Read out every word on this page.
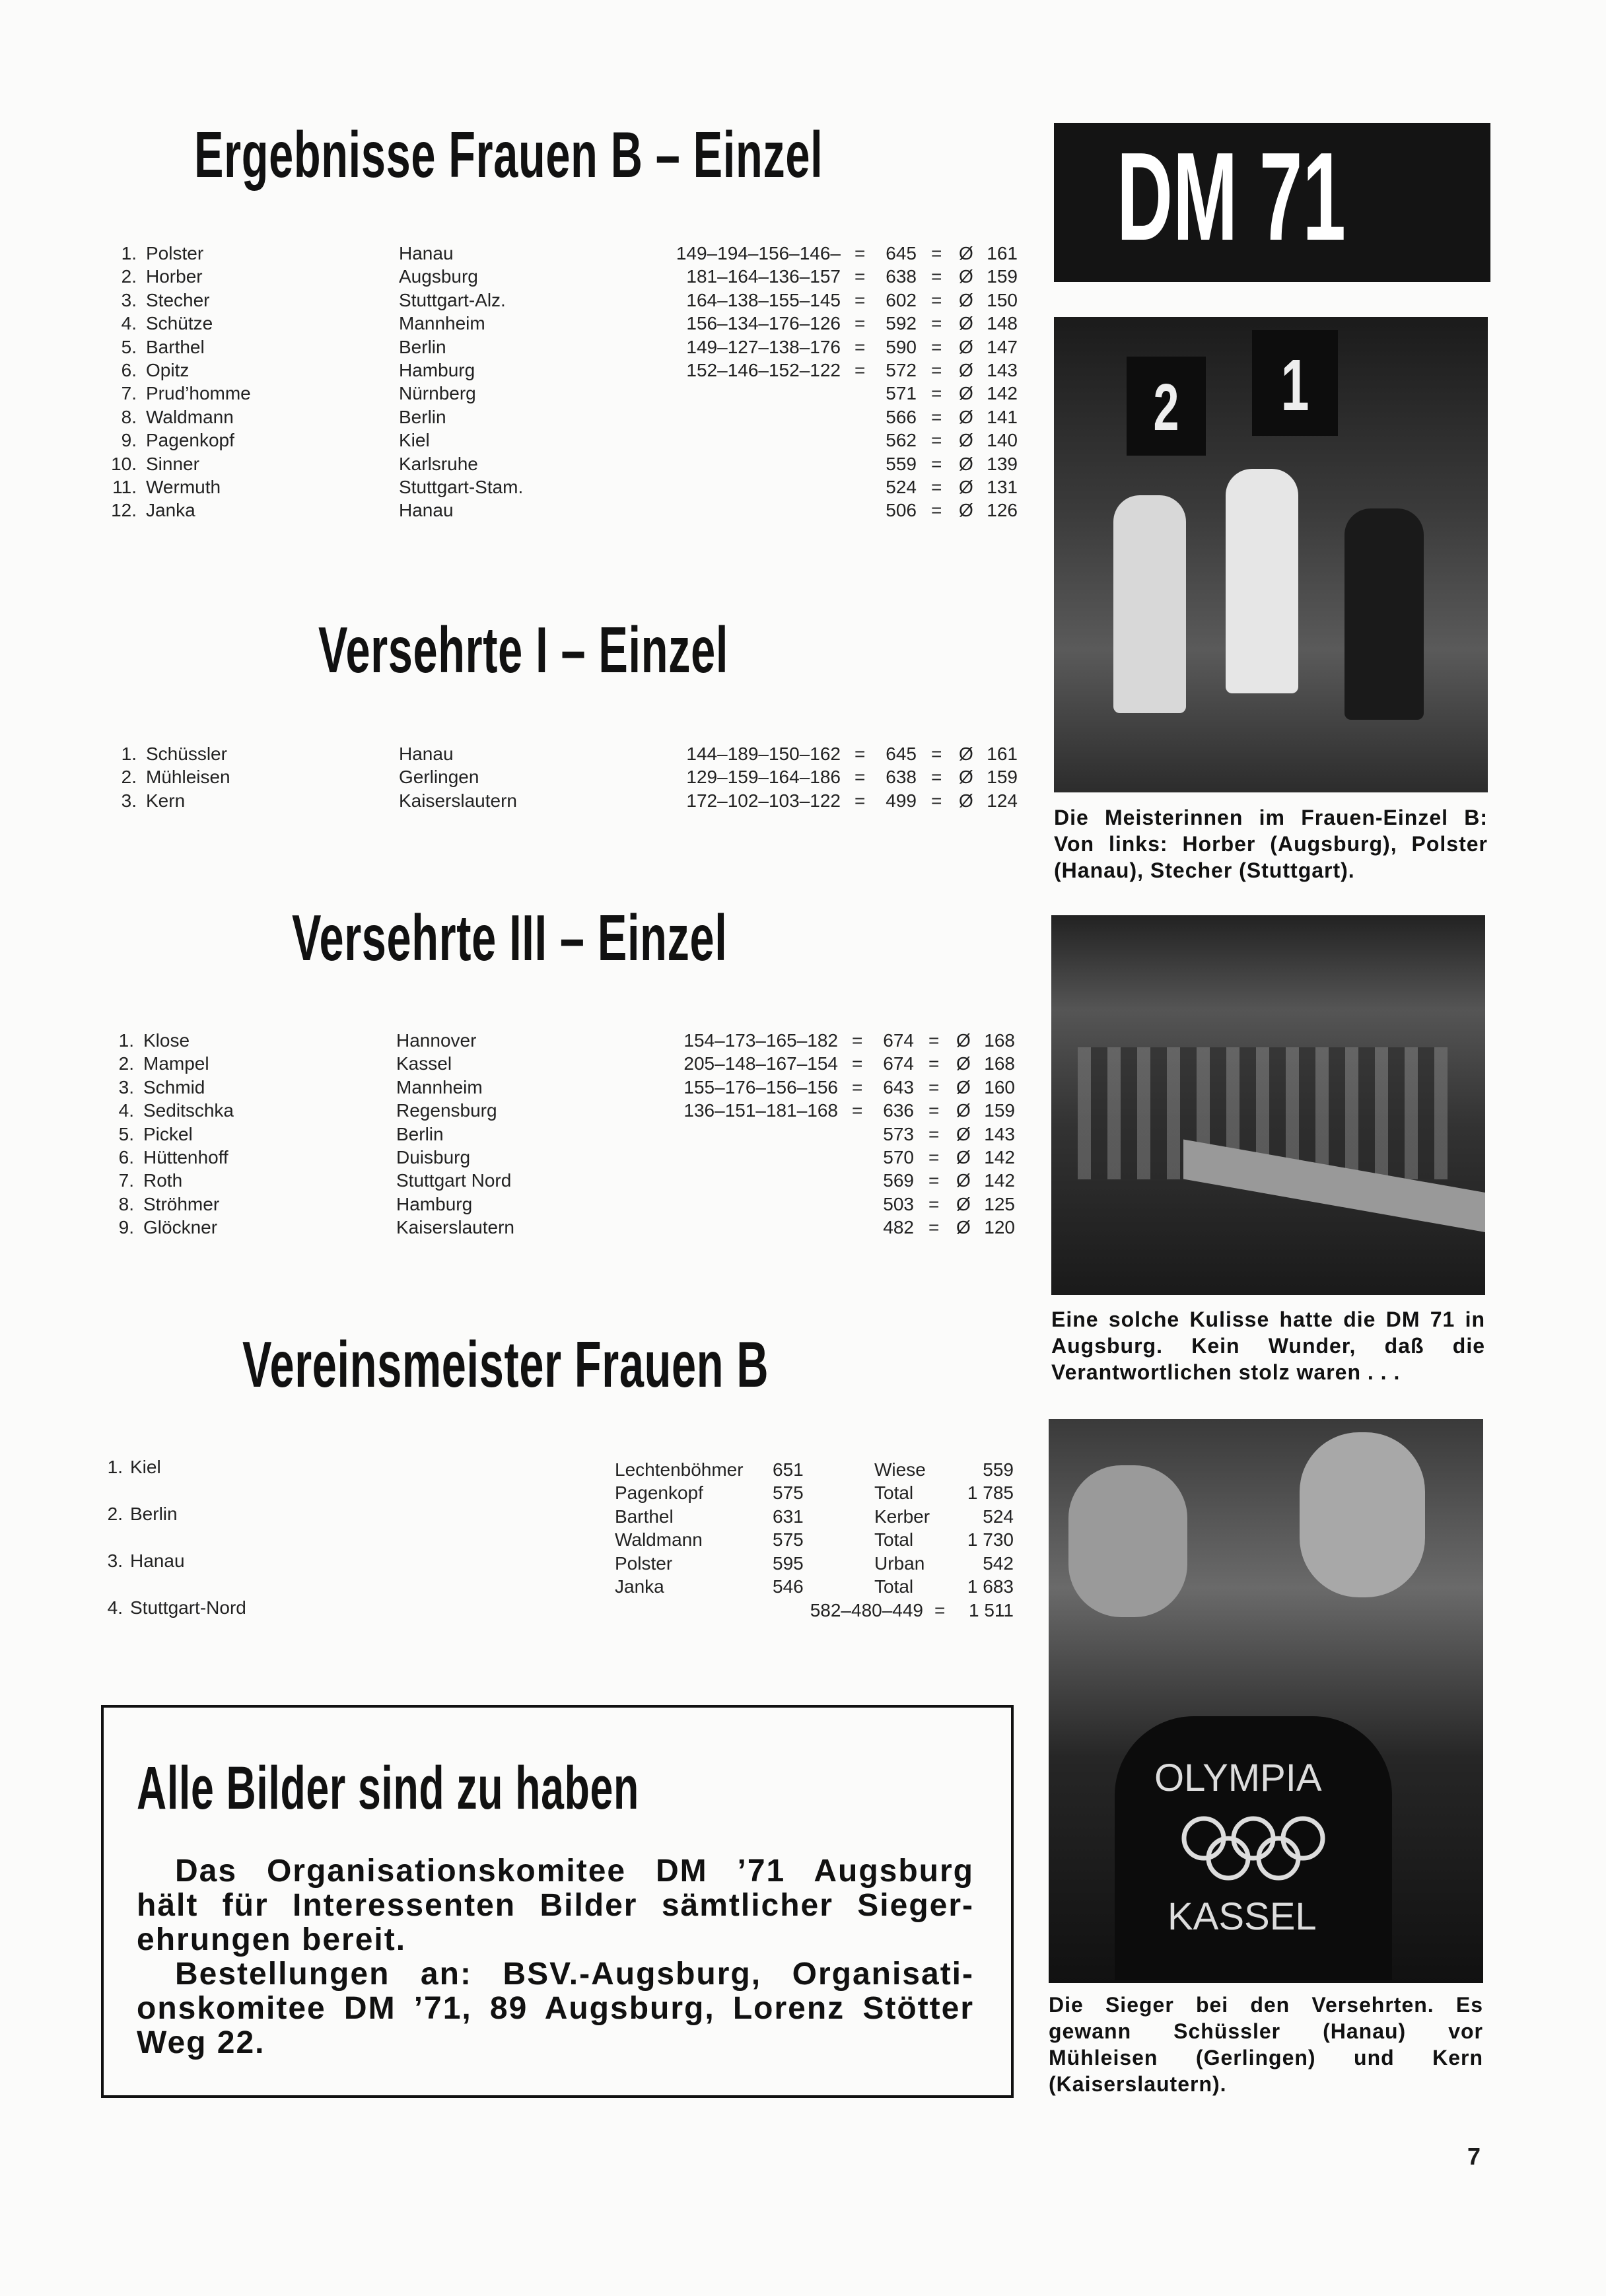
Ergebnisse Frauen B – Einzel
Versehrte I – Einzel
Versehrte III – Einzel
Vereinsmeister Frauen B
1. Polster	Hanau	149–194–156–146– = 645 = Ø 161
2. Horber	Augsburg	181–164–136–157 = 638 = Ø 159
3. Stecher	Stuttgart-Alz.	164–138–155–145 = 602 = Ø 150
4. Schütze	Mannheim	156–134–176–126 = 592 = Ø 148
5. Barthel	Berlin	149–127–138–176 = 590 = Ø 147
6. Opitz	Hamburg	152–146–152–122 = 572 = Ø 143
7. Prud’homme	Nürnberg	571 = Ø 142
8. Waldmann	Berlin	566 = Ø 141
9. Pagenkopf	Kiel	562 = Ø 140
10. Sinner	Karlsruhe	559 = Ø 139
11. Wermuth	Stuttgart-Stam.	524 = Ø 131
12. Janka	Hanau	506 = Ø 126
1. Schüssler	Hanau	144–189–150–162 = 645 = Ø 161
2. Mühleisen	Gerlingen	129–159–164–186 = 638 = Ø 159
3. Kern	Kaiserslautern	172–102–103–122 = 499 = Ø 124
1. Klose	Hannover	154–173–165–182 = 674 = Ø 168
2. Mampel	Kassel	205–148–167–154 = 674 = Ø 168
3. Schmid	Mannheim	155–176–156–156 = 643 = Ø 160
4. Seditschka	Regensburg	136–151–181–168 = 636 = Ø 159
5. Pickel	Berlin	573 = Ø 143
6. Hüttenhoff	Duisburg	570 = Ø 142
7. Roth	Stuttgart Nord	569 = Ø 142
8. Ströhmer	Hamburg	503 = Ø 125
9. Glöckner	Kaiserslautern	482 = Ø 120
1. Kiel
2. Berlin
3. Hanau
4. Stuttgart-Nord
Lechtenböhmer 651	Wiese	559
Pagenkopf	575	Total	1 785
Barthel	631	Kerber	524
Waldmann	575	Total	1 730
Polster	595	Urban	542
Janka	546	Total	1 683
582–480–449 = 1 511
DM 71
2 1
Die Meisterinnen im Frauen-Einzel B: Von links: Horber (Augsburg), Polster (Hanau), Stecher (Stuttgart).
Eine solche Kulisse hatte die DM 71 in Augsburg. Kein Wunder, daß die Verantwortlichen stolz waren . . .
OLYMPIA
KASSEL
Die Sieger bei den Versehrten. Es gewann Schüssler (Hanau) vor Mühleisen (Gerlingen) und Kern (Kaiserslautern).
Alle Bilder sind zu haben
Das Organisationskomitee DM ’71 Augsburg
hält für Interessenten Bilder sämtlicher Sieger-
ehrungen bereit.
Bestellungen an: BSV.-Augsburg, Organisati-
onskomitee DM ’71, 89 Augsburg, Lorenz Stötter
Weg 22.
7
